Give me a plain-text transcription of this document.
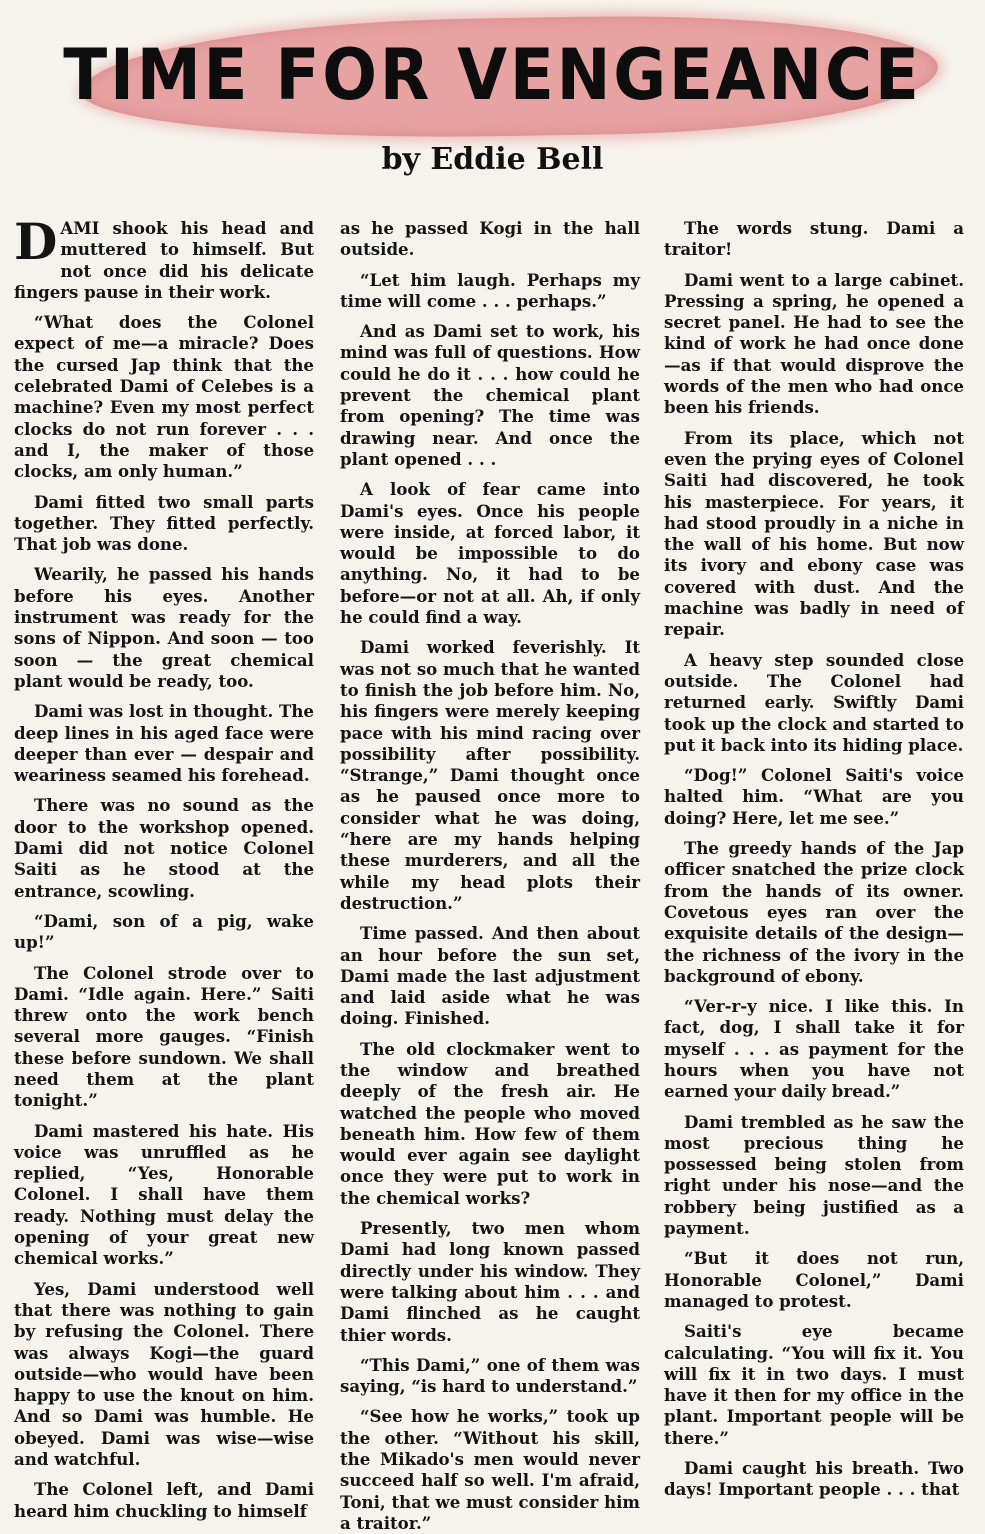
TIME FOR VENGEANCE
by Eddie Bell

DAMI shook his head and muttered to himself. But not once did his delicate fingers pause in their work.

“What does the Colonel expect of me—a miracle? Does the cursed Jap think that the celebrated Dami of Celebes is a machine? Even my most perfect clocks do not run forever . . . and I, the maker of those clocks, am only human.”

Dami fitted two small parts together. They fitted perfectly. That job was done.

Wearily, he passed his hands before his eyes. Another instrument was ready for the sons of Nippon. And soon — too soon — the great chemical plant would be ready, too.

Dami was lost in thought. The deep lines in his aged face were deeper than ever — despair and weariness seamed his forehead.

There was no sound as the door to the workshop opened. Dami did not notice Colonel Saiti as he stood at the entrance, scowling.

“Dami, son of a pig, wake up!”

The Colonel strode over to Dami. “Idle again. Here.” Saiti threw onto the work bench several more gauges. “Finish these before sundown. We shall need them at the plant tonight.”

Dami mastered his hate. His voice was unruffled as he replied, “Yes, Honorable Colonel. I shall have them ready. Nothing must delay the opening of your great new chemical works.”

Yes, Dami understood well that there was nothing to gain by refusing the Colonel. There was always Kogi—the guard outside—who would have been happy to use the knout on him. And so Dami was humble. He obeyed. Dami was wise—wise and watchful.

The Colonel left, and Dami heard him chuckling to himself

as he passed Kogi in the hall outside.

“Let him laugh. Perhaps my time will come . . . perhaps.”

And as Dami set to work, his mind was full of questions. How could he do it . . . how could he prevent the chemical plant from opening? The time was drawing near. And once the plant opened . . .

A look of fear came into Dami's eyes. Once his people were inside, at forced labor, it would be impossible to do anything. No, it had to be before—or not at all. Ah, if only he could find a way.

Dami worked feverishly. It was not so much that he wanted to finish the job before him. No, his fingers were merely keeping pace with his mind racing over possibility after possibility. “Strange,” Dami thought once as he paused once more to consider what he was doing, “here are my hands helping these murderers, and all the while my head plots their destruction.”

Time passed. And then about an hour before the sun set, Dami made the last adjustment and laid aside what he was doing. Finished.

The old clockmaker went to the window and breathed deeply of the fresh air. He watched the people who moved beneath him. How few of them would ever again see daylight once they were put to work in the chemical works?

Presently, two men whom Dami had long known passed directly under his window. They were talking about him . . . and Dami flinched as he caught thier words.

“This Dami,” one of them was saying, “is hard to understand.”

“See how he works,” took up the other. “Without his skill, the Mikado's men would never succeed half so well. I'm afraid, Toni, that we must consider him a traitor.”

The words stung. Dami a traitor!

Dami went to a large cabinet. Pressing a spring, he opened a secret panel. He had to see the kind of work he had once done—as if that would disprove the words of the men who had once been his friends.

From its place, which not even the prying eyes of Colonel Saiti had discovered, he took his masterpiece. For years, it had stood proudly in a niche in the wall of his home. But now its ivory and ebony case was covered with dust. And the machine was badly in need of repair.

A heavy step sounded close outside. The Colonel had returned early. Swiftly Dami took up the clock and started to put it back into its hiding place.

“Dog!” Colonel Saiti's voice halted him. “What are you doing? Here, let me see.”

The greedy hands of the Jap officer snatched the prize clock from the hands of its owner. Covetous eyes ran over the exquisite details of the design—the richness of the ivory in the background of ebony.

“Ver-r-y nice. I like this. In fact, dog, I shall take it for myself . . . as payment for the hours when you have not earned your daily bread.”

Dami trembled as he saw the most precious thing he possessed being stolen from right under his nose—and the robbery being justified as a payment.

“But it does not run, Honorable Colonel,” Dami managed to protest.

Saiti's eye became calculating. “You will fix it. You will fix it in two days. I must have it then for my office in the plant. Important people will be there.”

Dami caught his breath. Two days! Important people . . . that
